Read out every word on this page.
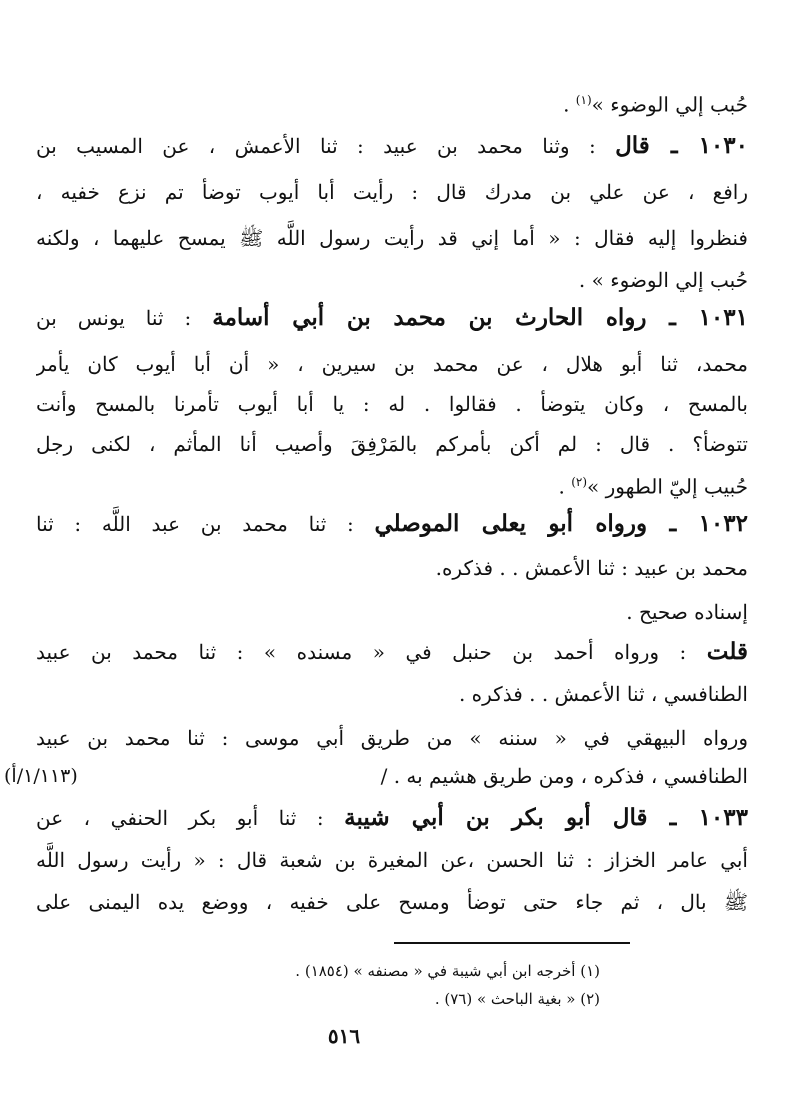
حُبب إلي الوضوء »$^{(١)}$ .
١٠٣٠ ـ قال : وثنا محمد بن عبيد : ثنا الأعمش ، عن المسيب بن
رافع ، عن علي بن مدرك قال : رأيت أبا أيوب توضأ تم نزع خفيه ،
فنظروا إليه فقال : « أما إني قد رأيت رسول اللَّه ﷺ يمسح عليهما ، ولكنه
حُبب إلي الوضوء » .
١٠٣١ ـ رواه الحارث بن محمد بن أبي أسامة : ثنا يونس بن
محمد، ثنا أبو هلال ، عن محمد بن سيرين ، « أن أبا أيوب كان يأمر
بالمسح ، وكان يتوضأ . فقالوا . له : يا أبا أيوب تأمرنا بالمسح وأنت
تتوضأ؟ . قال : لم أكن بأمركم بالمَرْفِقَ وأصيب أنا المأثم ، لكنى رجل
حُبيب إليّ الطهور »$^{(٢)}$ .
١٠٣٢ ـ ورواه أبو يعلى الموصلي : ثنا محمد بن عبد اللَّه : ثنا
محمد بن عبيد : ثنا الأعمش . . فذكره.
إسناده صحيح .
قلت : ورواه أحمد بن حنبل في « مسنده » : ثنا محمد بن عبيد
الطنافسي ، ثنا الأعمش . . فذكره .
ورواه البيهقي في « سننه » من طريق أبي موسى : ثنا محمد بن عبيد
الطنافسي ، فذكره ، ومن طريق هشيم به . /
(١/١١٣/أ)
١٠٣٣ ـ قال أبو بكر بن أبي شيبة : ثنا أبو بكر الحنفي ، عن
أبي عامر الخزاز : ثنا الحسن ،عن المغيرة بن شعبة قال : « رأيت رسول اللَّه
ﷺ بال ، ثم جاء حتى توضأ ومسح على خفيه ، ووضع يده اليمنى على
(١) أخرجه ابن أبي شيبة في « مصنفه » (١٨٥٤) .
(٢) « بغية الباحث » (٧٦) .
٥١٦
